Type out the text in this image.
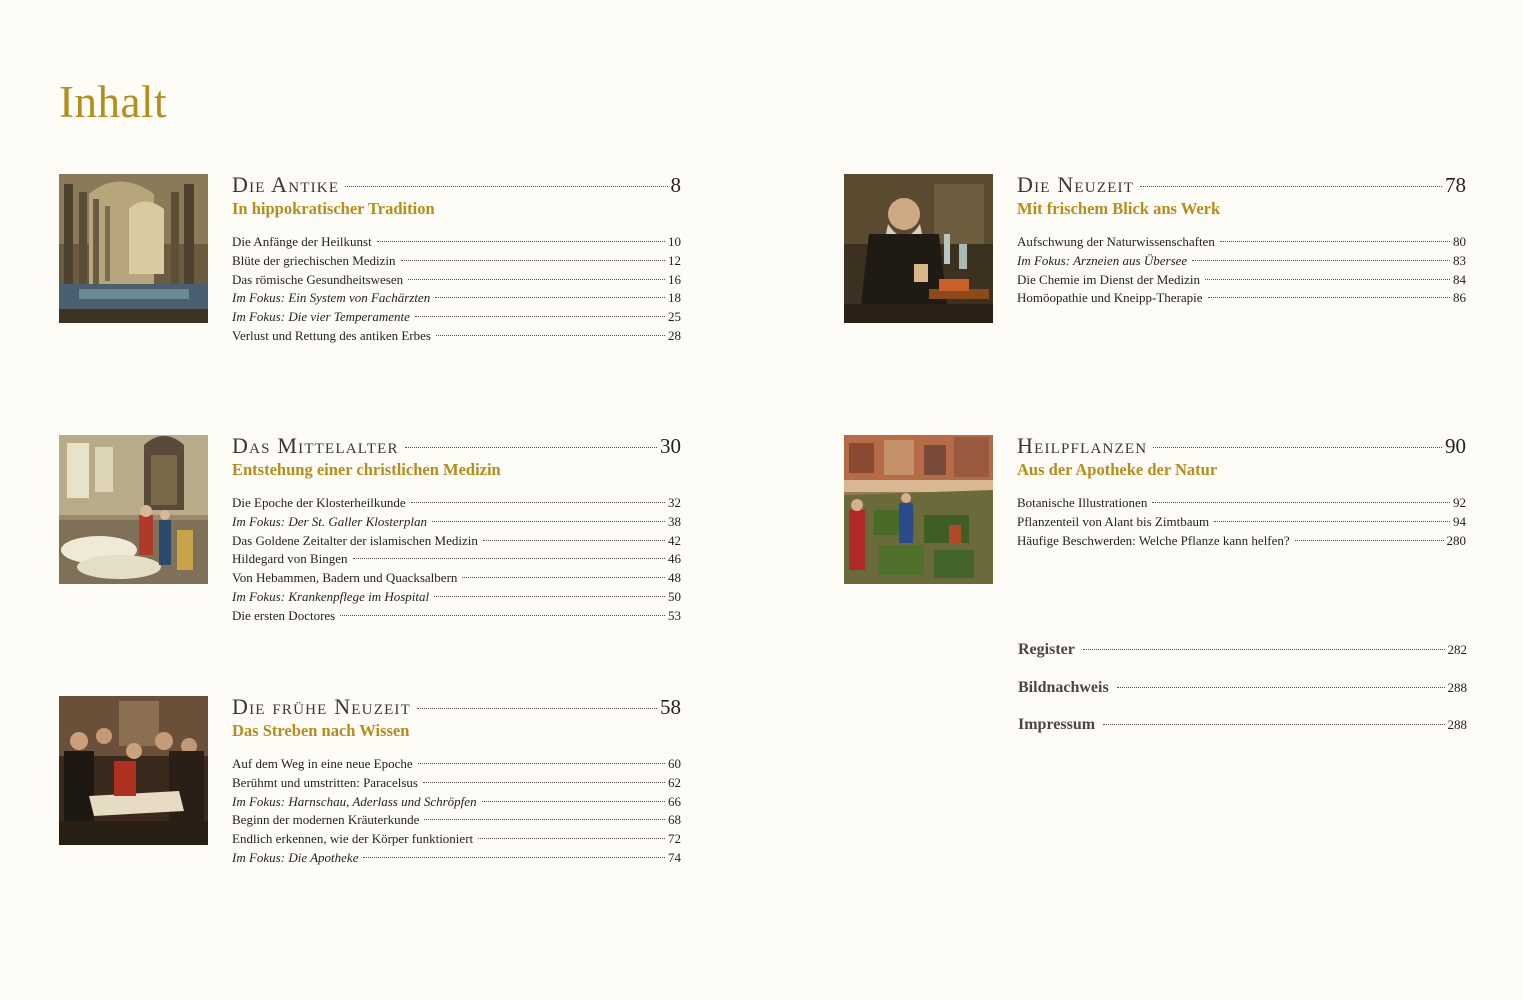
Inhalt
Die Antike	8
In hippokratischer Tradition
Die Anfänge der Heilkunst	10
Blüte der griechischen Medizin	12
Das römische Gesundheitswesen	16
Im Fokus: Ein System von Fachärzten	18
Im Fokus: Die vier Temperamente	25
Verlust und Rettung des antiken Erbes	28
Das Mittelalter	30
Entstehung einer christlichen Medizin
Die Epoche der Klosterheilkunde	32
Im Fokus: Der St. Galler Klosterplan	38
Das Goldene Zeitalter der islamischen Medizin	42
Hildegard von Bingen	46
Von Hebammen, Badern und Quacksalbern	48
Im Fokus: Krankenpflege im Hospital	50
Die ersten Doctores	53
Die frühe Neuzeit	58
Das Streben nach Wissen
Auf dem Weg in eine neue Epoche	60
Berühmt und umstritten: Paracelsus	62
Im Fokus: Harnschau, Aderlass und Schröpfen	66
Beginn der modernen Kräuterkunde	68
Endlich erkennen, wie der Körper funktioniert	72
Im Fokus: Die Apotheke	74
Die Neuzeit	78
Mit frischem Blick ans Werk
Aufschwung der Naturwissenschaften	80
Im Fokus: Arzneien aus Übersee	83
Die Chemie im Dienst der Medizin	84
Homöopathie und Kneipp-Therapie	86
Heilpflanzen	90
Aus der Apotheke der Natur
Botanische Illustrationen	92
Pflanzenteil von Alant bis Zimtbaum	94
Häufige Beschwerden: Welche Pflanze kann helfen?	280
Register	282
Bildnachweis	288
Impressum	288
